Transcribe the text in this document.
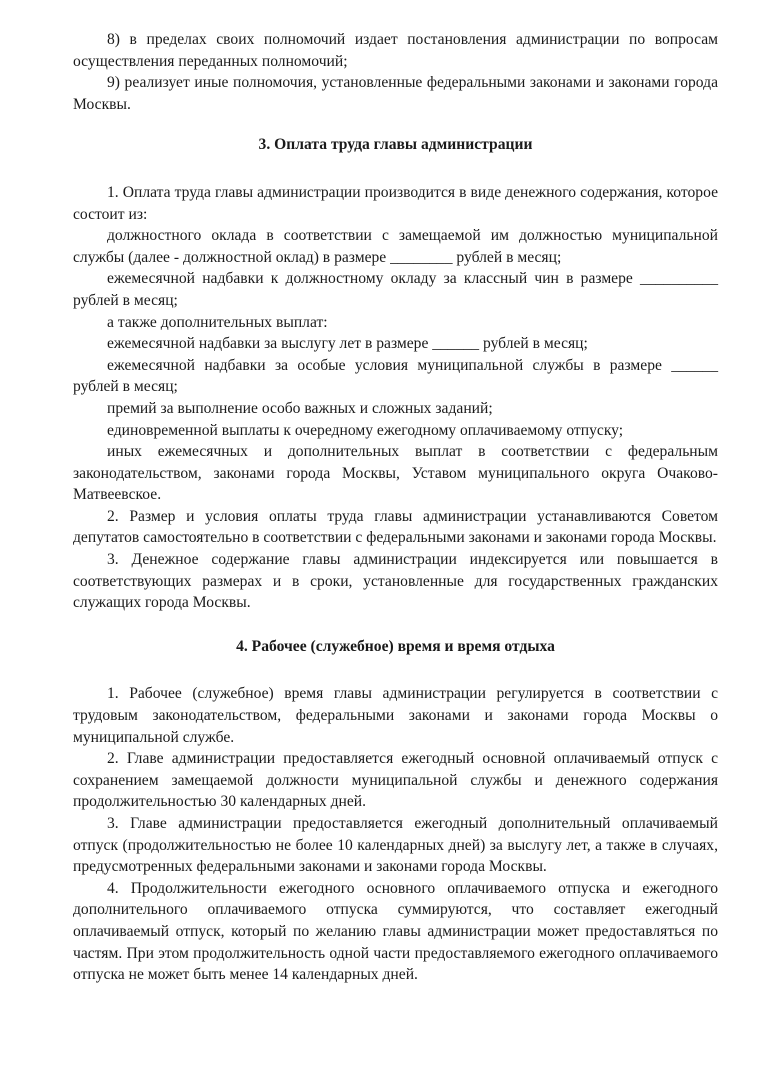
8) в пределах своих полномочий издает постановления администрации по вопросам осуществления переданных полномочий;

9) реализует иные полномочия, установленные федеральными законами и законами города Москвы.

3. Оплата труда главы администрации

1. Оплата труда главы администрации производится в виде денежного содержания, которое состоит из:

должностного оклада в соответствии с замещаемой им должностью муниципальной службы (далее - должностной оклад) в размере ________ рублей в месяц;

ежемесячной надбавки к должностному окладу за классный чин в размере __________ рублей в месяц;

а также дополнительных выплат:

ежемесячной надбавки за выслугу лет в размере ______ рублей в месяц;

ежемесячной надбавки за особые условия муниципальной службы в размере ______ рублей в месяц;

премий за выполнение особо важных и сложных заданий;

единовременной выплаты к очередному ежегодному оплачиваемому отпуску;

иных ежемесячных и дополнительных выплат в соответствии с федеральным законодательством, законами города Москвы, Уставом муниципального округа Очаково-Матвеевское.

2. Размер и условия оплаты труда главы администрации устанавливаются Советом депутатов самостоятельно в соответствии с федеральными законами и законами города Москвы.

3. Денежное содержание главы администрации индексируется или повышается в соответствующих размерах и в сроки, установленные для государственных гражданских служащих города Москвы.

4. Рабочее (служебное) время и время отдыха

1. Рабочее (служебное) время главы администрации регулируется в соответствии с трудовым законодательством, федеральными законами и законами города Москвы о муниципальной службе.

2. Главе администрации предоставляется ежегодный основной оплачиваемый отпуск с сохранением замещаемой должности муниципальной службы и денежного содержания продолжительностью 30 календарных дней.

3. Главе администрации предоставляется ежегодный дополнительный оплачиваемый отпуск (продолжительностью не более 10 календарных дней) за выслугу лет, а также в случаях, предусмотренных федеральными законами и законами города Москвы.

4. Продолжительности ежегодного основного оплачиваемого отпуска и ежегодного дополнительного оплачиваемого отпуска суммируются, что составляет ежегодный оплачиваемый отпуск, который по желанию главы администрации может предоставляться по частям. При этом продолжительность одной части предоставляемого ежегодного оплачиваемого отпуска не может быть менее 14 календарных дней.
